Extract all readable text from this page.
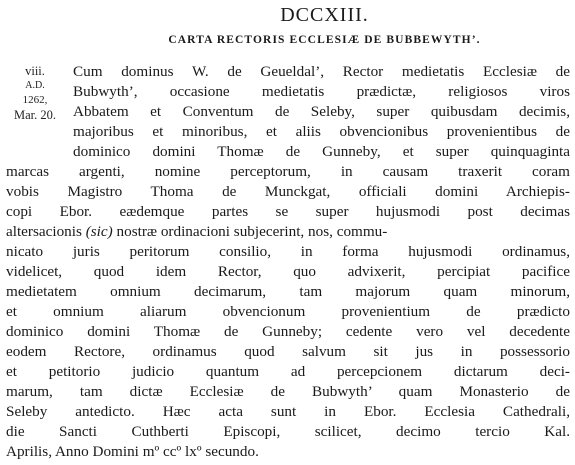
DCCXIII.
CARTA RECTORIS ECCLESIÆ DE BUBBEWYTH’.
viii.
A.D.
1262,
Mar. 20.
Cum dominus W. de Geueldal’, Rector medietatis Ecclesiæ de
Bubwyth’, occasione medietatis prædictæ, religiosos viros
Abbatem et Conventum de Seleby, super quibusdam decimis,
majoribus et minoribus, et aliis obvencionibus provenientibus de
dominico domini Thomæ de Gunneby, et super quinquaginta
marcas argenti, nomine perceptorum, in causam traxerit coram
vobis Magistro Thoma de Munckgat, officiali domini Archiepis-
copi Ebor. eædemque partes se super hujusmodi post decimas
altersacionis (sic) nostræ ordinacioni subjecerint, nos, commu-
nicato juris peritorum consilio, in forma hujusmodi ordinamus,
videlicet, quod idem Rector, quo advixerit, percipiat pacifice
medietatem omnium decimarum, tam majorum quam minorum,
et omnium aliarum obvencionum provenientium de prædicto
dominico domini Thomæ de Gunneby; cedente vero vel decedente
eodem Rectore, ordinamus quod salvum sit jus in possessorio
et petitorio judicio quantum ad percepcionem dictarum deci-
marum, tam dictæ Ecclesiæ de Bubwyth’ quam Monasterio de
Seleby antedicto. Hæc acta sunt in Ebor. Ecclesia Cathedrali,
die Sancti Cuthberti Episcopi, scilicet, decimo tercio Kal.
Aprilis, Anno Domini mº ccº lxº secundo.
